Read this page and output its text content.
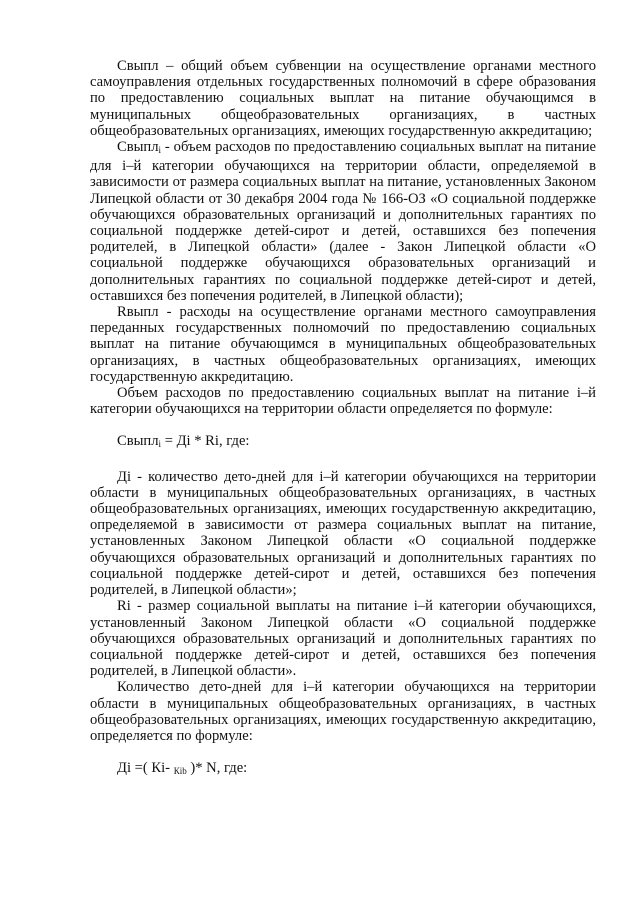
Свыпл – общий объем субвенции на осуществление органами местного самоуправления отдельных государственных полномочий в сфере образования по предоставлению социальных выплат на питание обучающимся в муниципальных общеобразовательных организациях, в частных общеобразовательных организациях, имеющих государственную аккредитацию;

Свыпл$_i$ - объем расходов по предоставлению социальных выплат на питание для i–й категории обучающихся на территории области, определяемой в зависимости от размера социальных выплат на питание, установленных Законом Липецкой области от 30 декабря 2004 года № 166-ОЗ «О социальной поддержке обучающихся образовательных организаций и дополнительных гарантиях по социальной поддержке детей-сирот и детей, оставшихся без попечения родителей, в Липецкой области» (далее - Закон Липецкой области «О социальной поддержке обучающихся образовательных организаций и дополнительных гарантиях по социальной поддержке детей-сирот и детей, оставшихся без попечения родителей, в Липецкой области);

Rвыпл - расходы на осуществление органами местного самоуправления переданных государственных полномочий по предоставлению социальных выплат на питание обучающимся в муниципальных общеобразовательных организациях, в частных общеобразовательных организациях, имеющих государственную аккредитацию.

Объем расходов по предоставлению социальных выплат на питание i–й категории обучающихся на территории области определяется по формуле:

Свыпл$_i$ = Дi * Ri, где:

Дi - количество дето-дней для i–й категории обучающихся на территории области в муниципальных общеобразовательных организациях, в частных общеобразовательных организациях, имеющих государственную аккредитацию, определяемой в зависимости от размера социальных выплат на питание, установленных Законом Липецкой области «О социальной поддержке обучающихся образовательных организаций и дополнительных гарантиях по социальной поддержке детей-сирот и детей, оставшихся без попечения родителей, в Липецкой области»;

Ri - размер социальной выплаты на питание i–й категории обучающихся, установленный Законом Липецкой области «О социальной поддержке обучающихся образовательных организаций и дополнительных гарантиях по социальной поддержке детей-сирот и детей, оставшихся без попечения родителей, в Липецкой области».

Количество дето-дней для i–й категории обучающихся на территории области в муниципальных общеобразовательных организациях, в частных общеобразовательных организациях, имеющих государственную аккредитацию, определяется по формуле:

Дi =( Кi- $_{Кib}$ )* N, где:
